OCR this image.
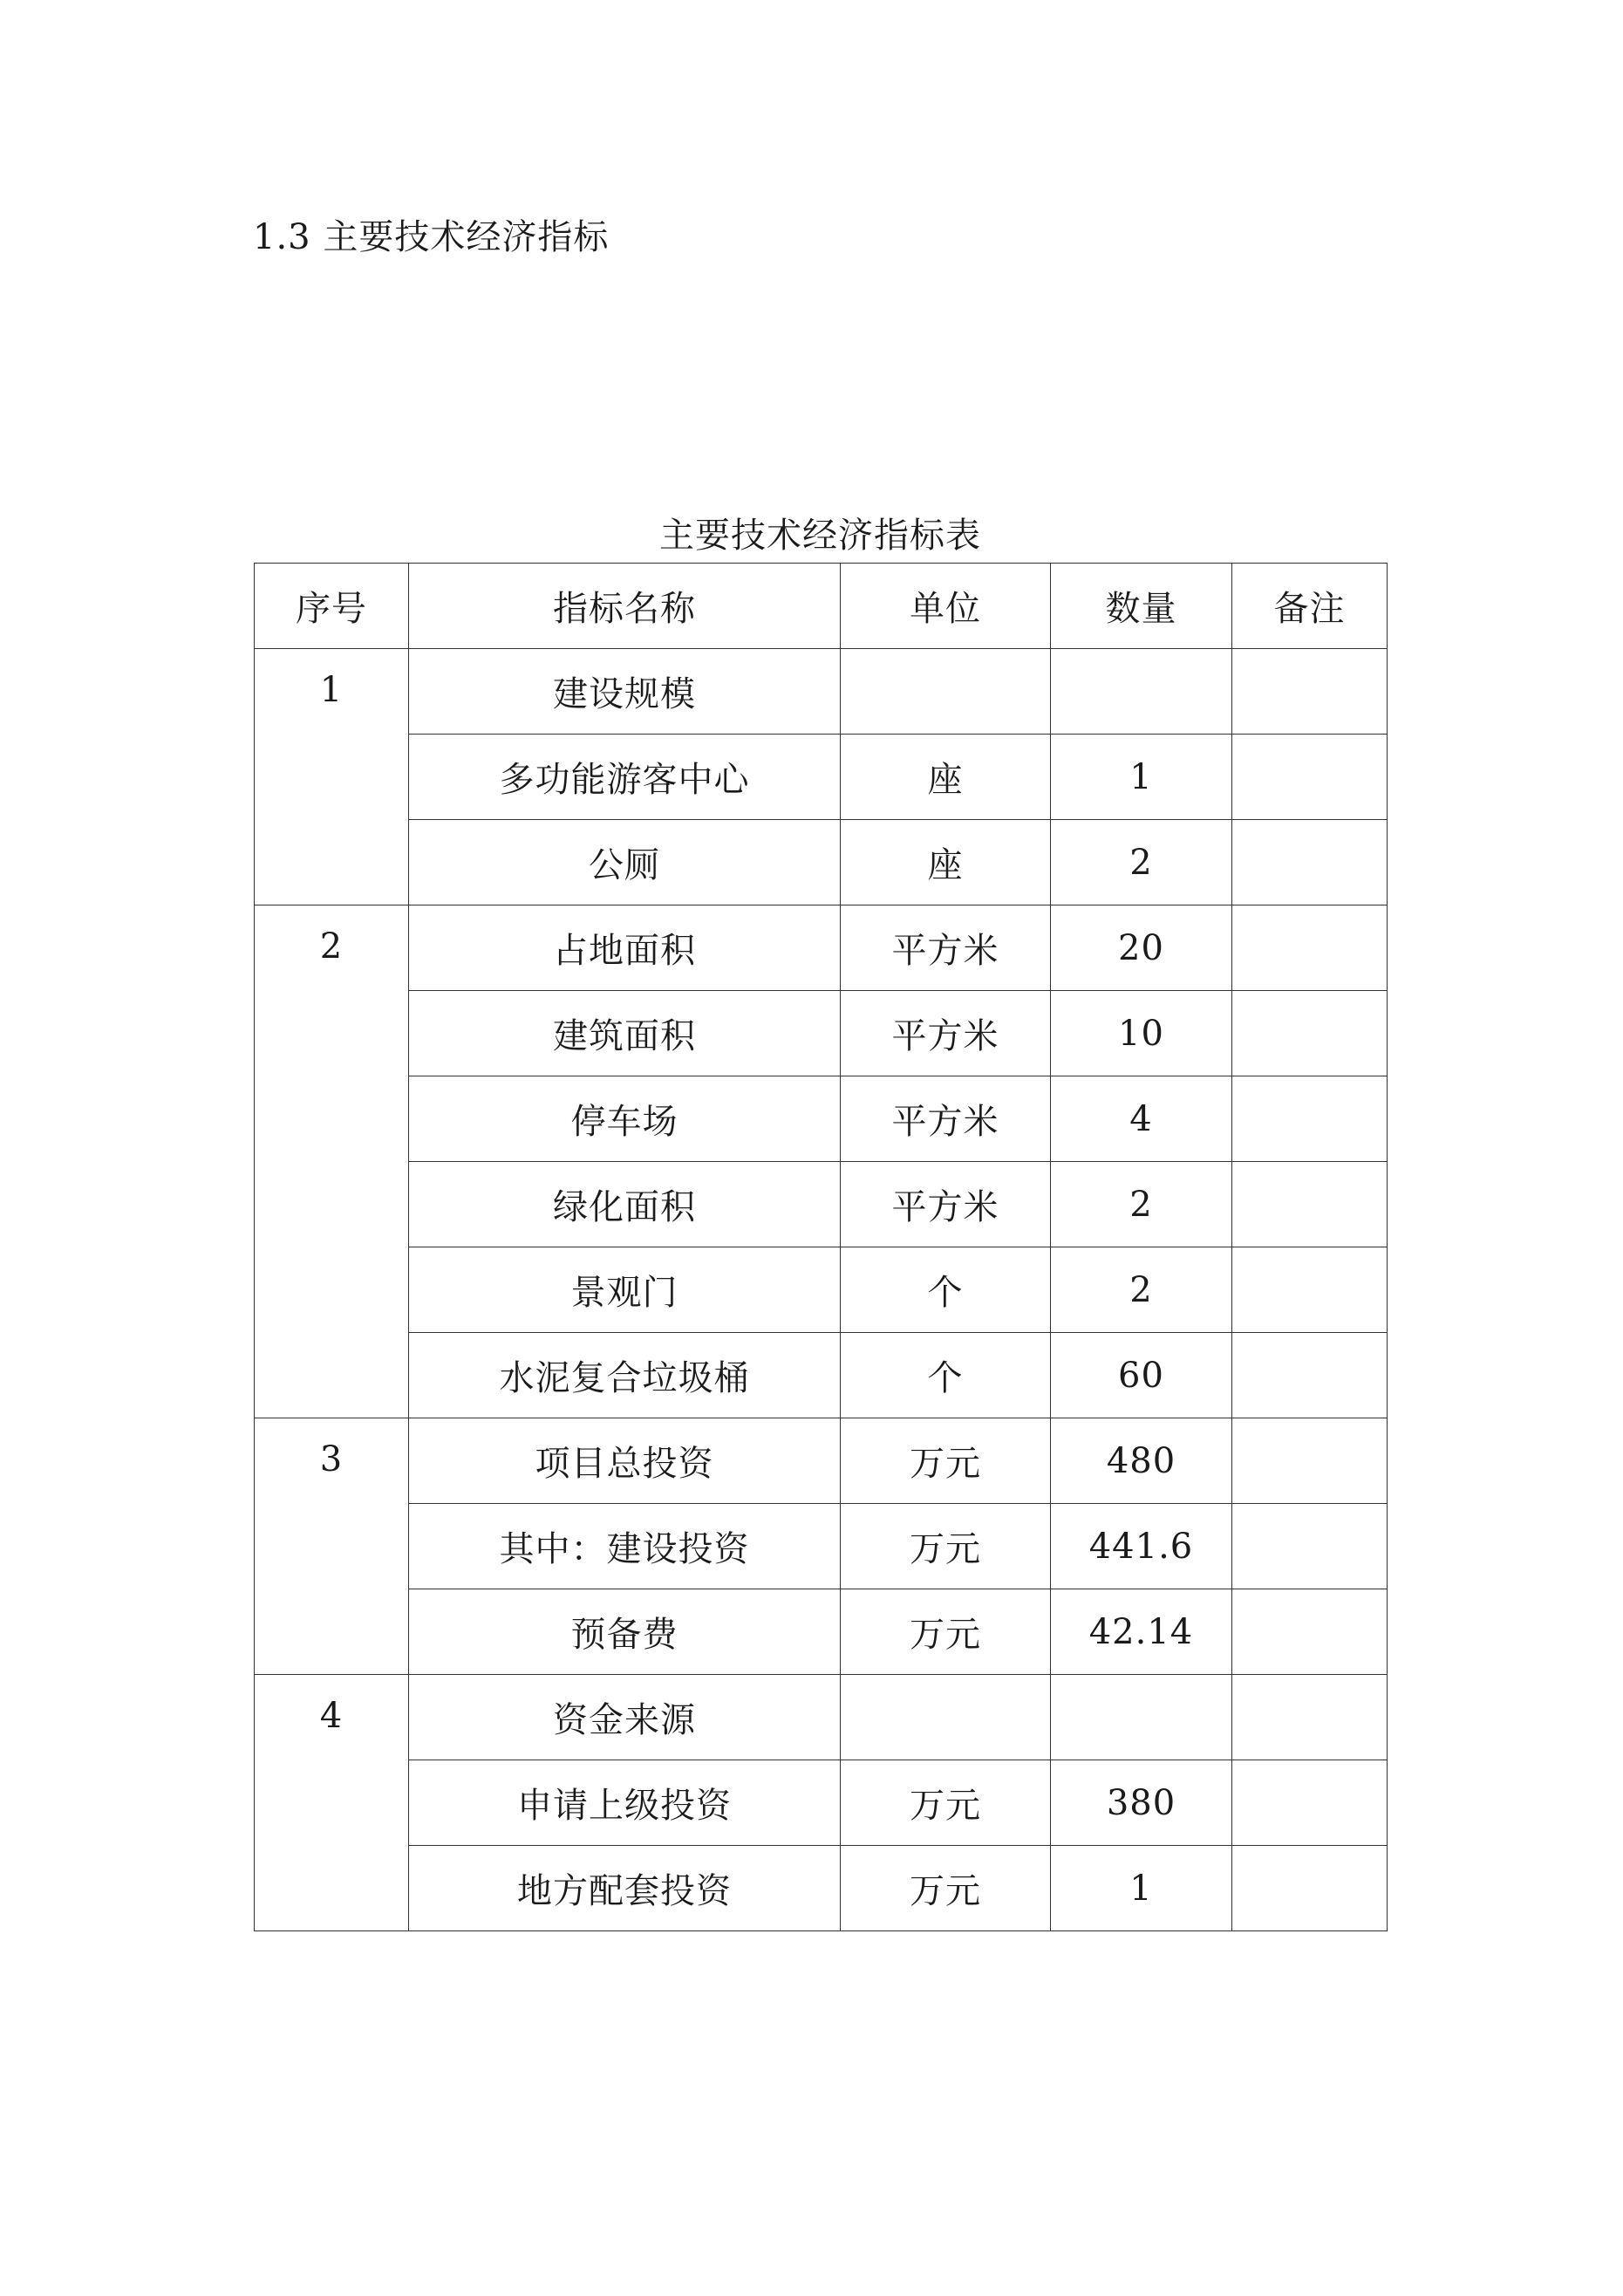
1.3 主要技术经济指标
主要技术经济指标表
序号	指标名称	单位	数量	备注
1	建设规模			
	多功能游客中心	座	1	
	公厕	座	2	
2	占地面积	平方米	20	
	建筑面积	平方米	10	
	停车场	平方米	4	
	绿化面积	平方米	2	
	景观门	个	2	
	水泥复合垃圾桶	个	60	
3	项目总投资	万元	480	
	其中：建设投资	万元	441.6	
	预备费	万元	42.14	
4	资金来源			
	申请上级投资	万元	380	
	地方配套投资	万元	1	
